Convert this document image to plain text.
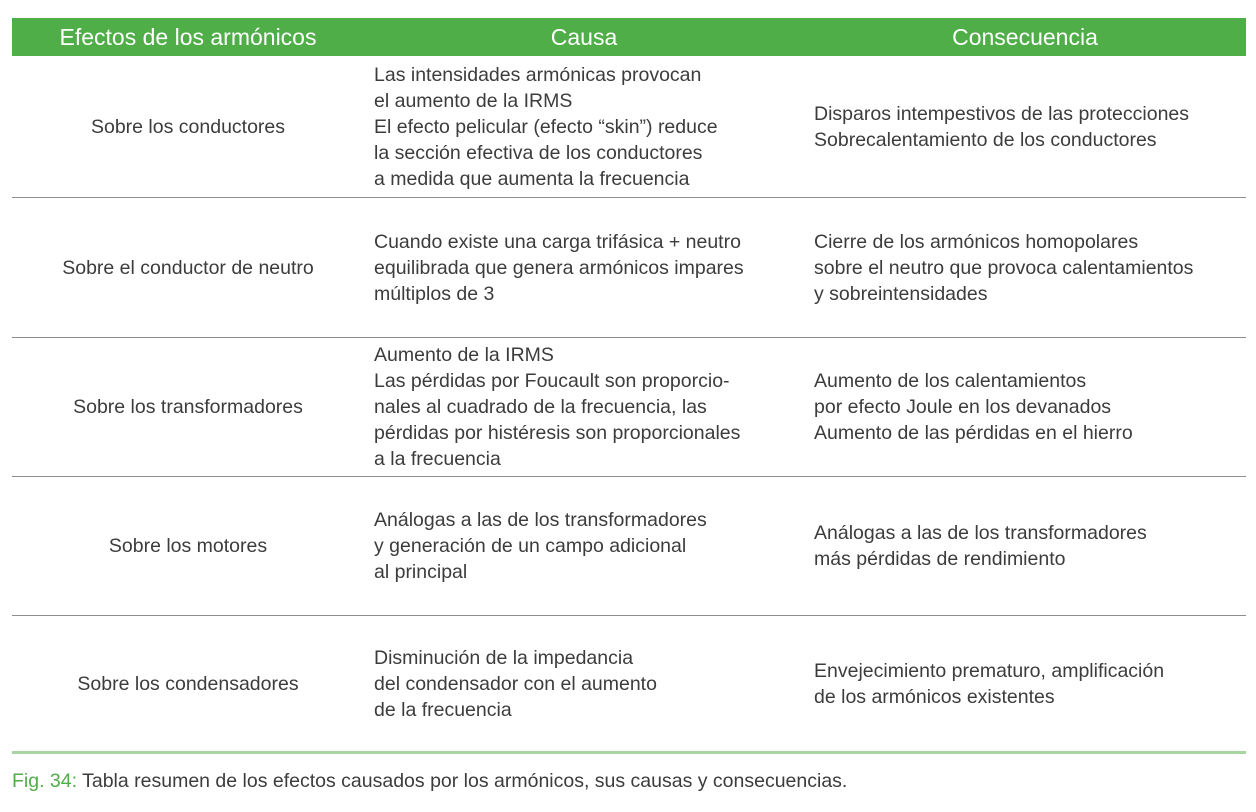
Efectos de los armónicos	Causa	Consecuencia
Sobre los conductores
Las intensidades armónicas provocan
el aumento de la IRMS
El efecto pelicular (efecto “skin”) reduce
la sección efectiva de los conductores
a medida que aumenta la frecuencia
Disparos intempestivos de las protecciones
Sobrecalentamiento de los conductores
Sobre el conductor de neutro
Cuando existe una carga trifásica + neutro
equilibrada que genera armónicos impares
múltiplos de 3
Cierre de los armónicos homopolares
sobre el neutro que provoca calentamientos
y sobreintensidades
Sobre los transformadores
Aumento de la IRMS
Las pérdidas por Foucault son proporcio-
nales al cuadrado de la frecuencia, las
pérdidas por histéresis son proporcionales
a la frecuencia
Aumento de los calentamientos
por efecto Joule en los devanados
Aumento de las pérdidas en el hierro
Sobre los motores
Análogas a las de los transformadores
y generación de un campo adicional
al principal
Análogas a las de los transformadores
más pérdidas de rendimiento
Sobre los condensadores
Disminución de la impedancia
del condensador con el aumento
de la frecuencia
Envejecimiento prematuro, amplificación
de los armónicos existentes
Fig. 34: Tabla resumen de los efectos causados por los armónicos, sus causas y consecuencias.
